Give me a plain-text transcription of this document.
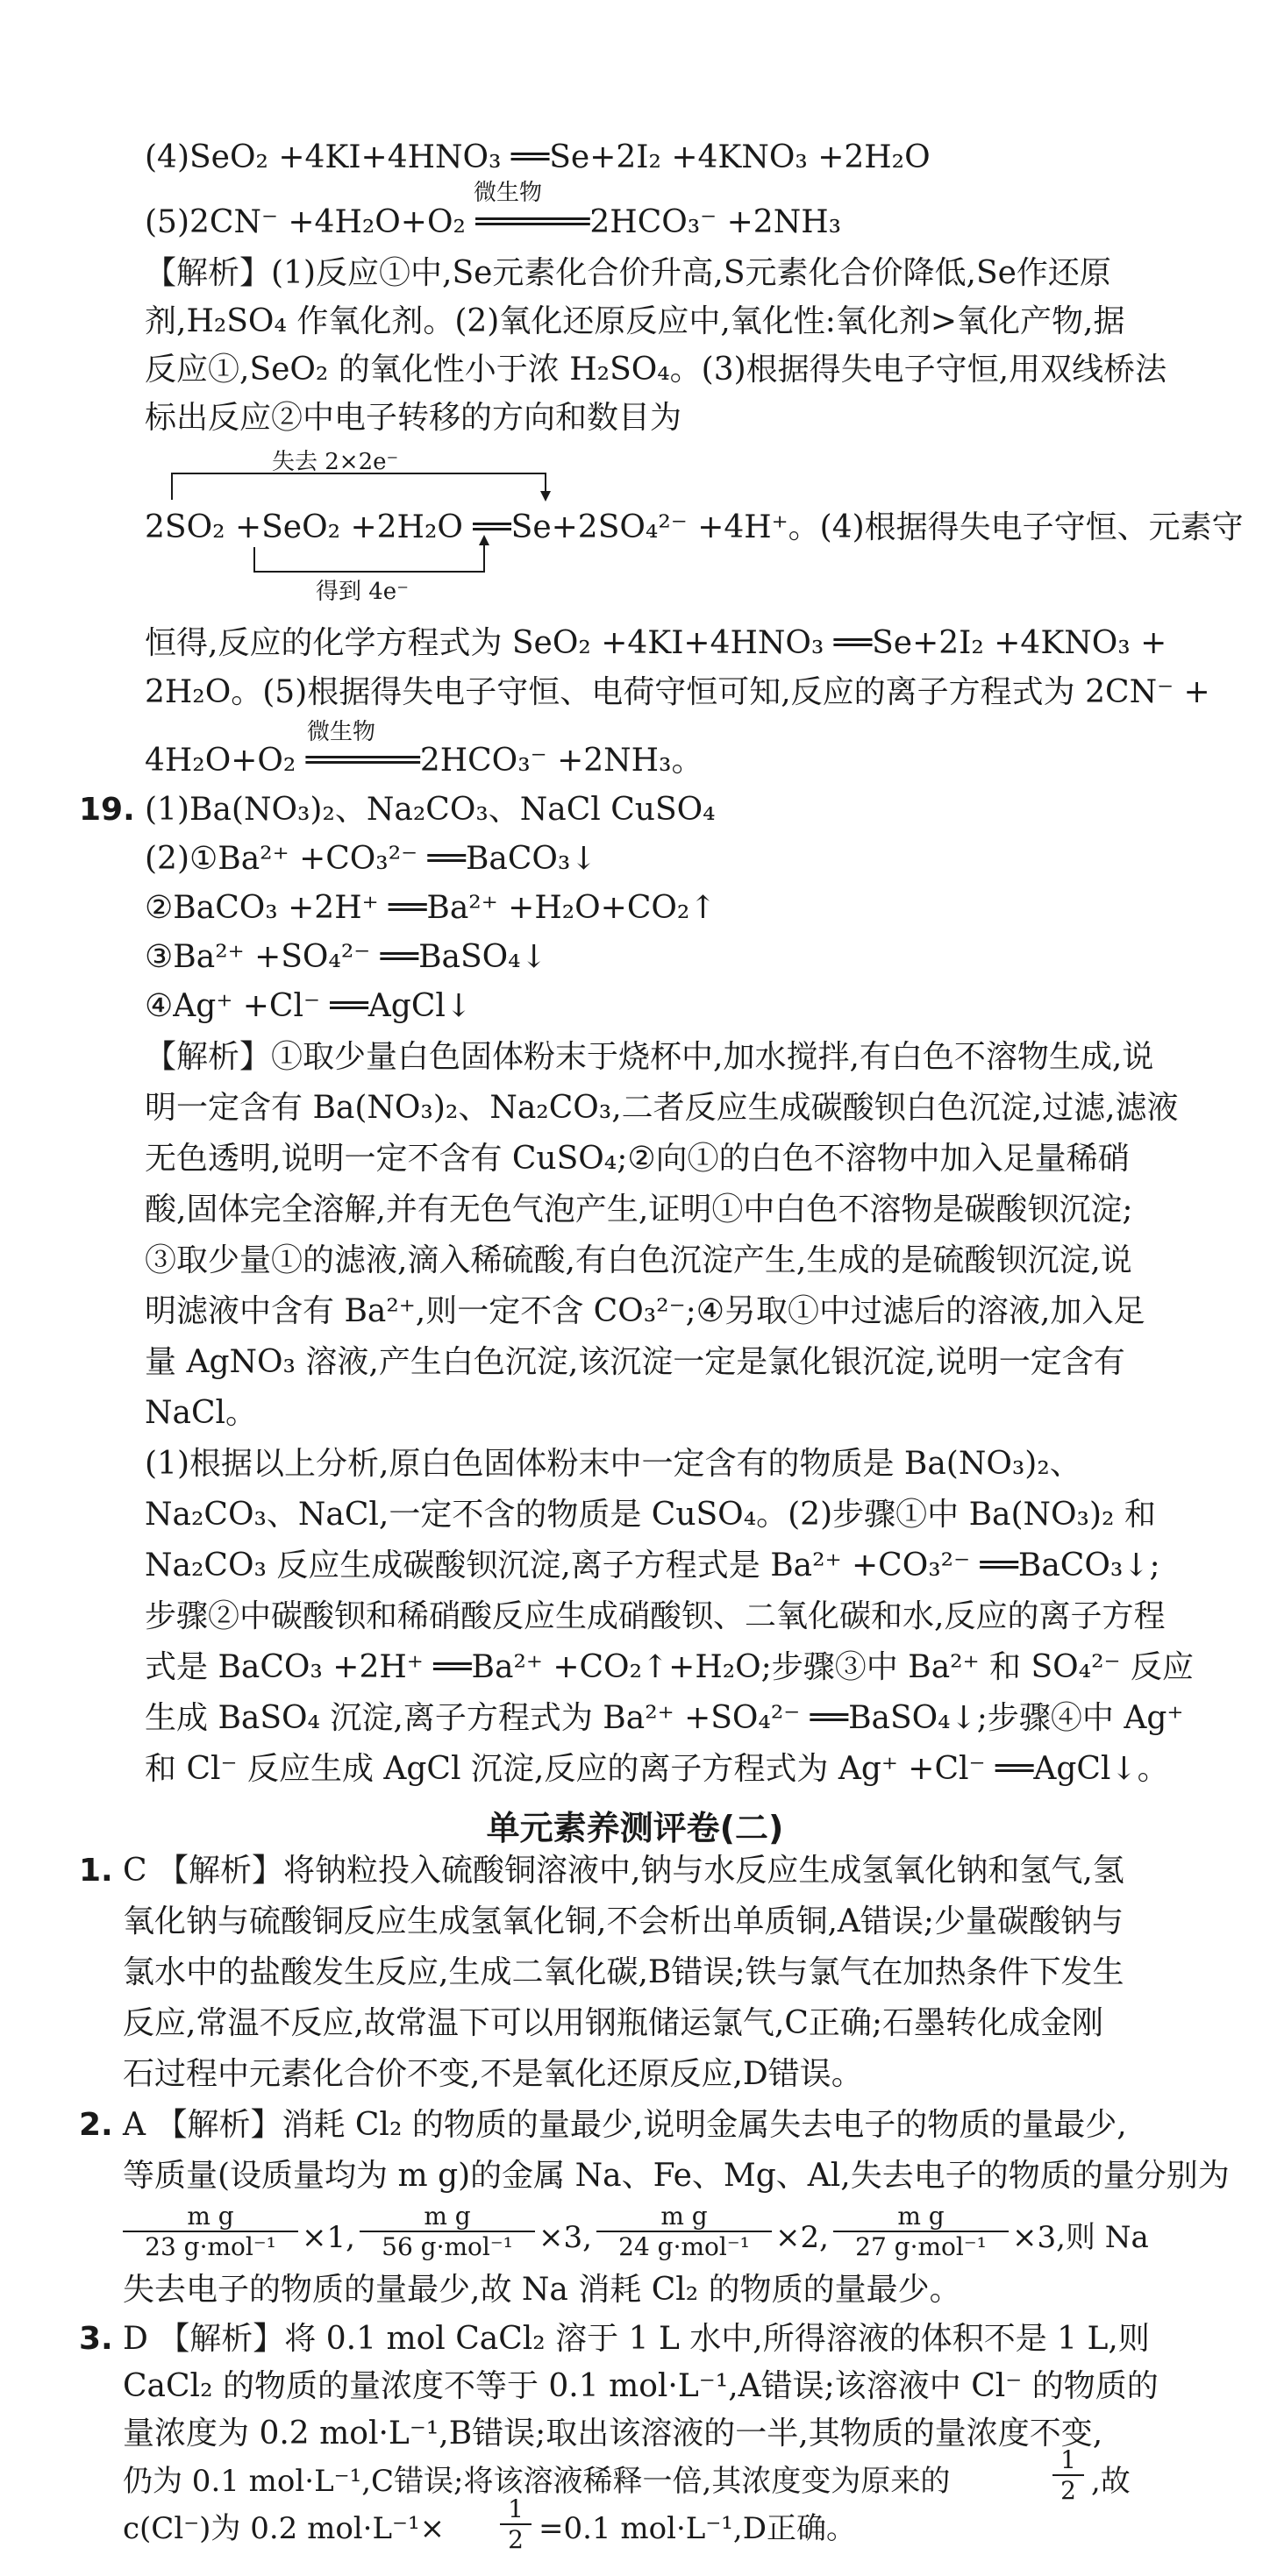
(4)SeO₂ +4KI+4HNO₃ ══Se+2I₂ +4KNO₃ +2H₂O
微生物
(5)2CN⁻ +4H₂O+O₂ ══════2HCO₃⁻ +2NH₃
【解析】(1)反应①中,Se元素化合价升高,S元素化合价降低,Se作还原
剂,H₂SO₄ 作氧化剂。(2)氧化还原反应中,氧化性:氧化剂>氧化产物,据
反应①,SeO₂ 的氧化性小于浓 H₂SO₄。(3)根据得失电子守恒,用双线桥法
标出反应②中电子转移的方向和数目为
失去 2×2e⁻
2SO₂ +SeO₂ +2H₂O ══Se+2SO₄²⁻ +4H⁺。(4)根据得失电子守恒、元素守
得到 4e⁻
恒得,反应的化学方程式为 SeO₂ +4KI+4HNO₃ ══Se+2I₂ +4KNO₃ +
2H₂O。(5)根据得失电子守恒、电荷守恒可知,反应的离子方程式为 2CN⁻ +
微生物
4H₂O+O₂ ══════2HCO₃⁻ +2NH₃。
19. (1)Ba(NO₃)₂、Na₂CO₃、NaCl CuSO₄
(2)①Ba²⁺ +CO₃²⁻ ══BaCO₃↓
②BaCO₃ +2H⁺ ══Ba²⁺ +H₂O+CO₂↑
③Ba²⁺ +SO₄²⁻ ══BaSO₄↓
④Ag⁺ +Cl⁻ ══AgCl↓
【解析】①取少量白色固体粉末于烧杯中,加水搅拌,有白色不溶物生成,说
明一定含有 Ba(NO₃)₂、Na₂CO₃,二者反应生成碳酸钡白色沉淀,过滤,滤液
无色透明,说明一定不含有 CuSO₄;②向①的白色不溶物中加入足量稀硝
酸,固体完全溶解,并有无色气泡产生,证明①中白色不溶物是碳酸钡沉淀;
③取少量①的滤液,滴入稀硫酸,有白色沉淀产生,生成的是硫酸钡沉淀,说
明滤液中含有 Ba²⁺,则一定不含 CO₃²⁻;④另取①中过滤后的溶液,加入足
量 AgNO₃ 溶液,产生白色沉淀,该沉淀一定是氯化银沉淀,说明一定含有
NaCl。
(1)根据以上分析,原白色固体粉末中一定含有的物质是 Ba(NO₃)₂、
Na₂CO₃、NaCl,一定不含的物质是 CuSO₄。(2)步骤①中 Ba(NO₃)₂ 和
Na₂CO₃ 反应生成碳酸钡沉淀,离子方程式是 Ba²⁺ +CO₃²⁻ ══BaCO₃↓;
步骤②中碳酸钡和稀硝酸反应生成硝酸钡、二氧化碳和水,反应的离子方程
式是 BaCO₃ +2H⁺ ══Ba²⁺ +CO₂↑+H₂O;步骤③中 Ba²⁺ 和 SO₄²⁻ 反应
生成 BaSO₄ 沉淀,离子方程式为 Ba²⁺ +SO₄²⁻ ══BaSO₄↓;步骤④中 Ag⁺
和 Cl⁻ 反应生成 AgCl 沉淀,反应的离子方程式为 Ag⁺ +Cl⁻ ══AgCl↓。
单元素养测评卷(二)
1. C 【解析】将钠粒投入硫酸铜溶液中,钠与水反应生成氢氧化钠和氢气,氢
氧化钠与硫酸铜反应生成氢氧化铜,不会析出单质铜,A错误;少量碳酸钠与
氯水中的盐酸发生反应,生成二氧化碳,B错误;铁与氯气在加热条件下发生
反应,常温不反应,故常温下可以用钢瓶储运氯气,C正确;石墨转化成金刚
石过程中元素化合价不变,不是氧化还原反应,D错误。
2. A 【解析】消耗 Cl₂ 的物质的量最少,说明金属失去电子的物质的量最少,
等质量(设质量均为 m g)的金属 Na、Fe、Mg、Al,失去电子的物质的量分别为
m g
23 g·mol⁻¹ ×1,
m g
56 g·mol⁻¹ ×3,
m g
24 g·mol⁻¹ ×2,
m g
27 g·mol⁻¹ ×3,则 Na
失去电子的物质的量最少,故 Na 消耗 Cl₂ 的物质的量最少。
3. D 【解析】将 0.1 mol CaCl₂ 溶于 1 L 水中,所得溶液的体积不是 1 L,则
CaCl₂ 的物质的量浓度不等于 0.1 mol·L⁻¹,A错误;该溶液中 Cl⁻ 的物质的
量浓度为 0.2 mol·L⁻¹,B错误;取出该溶液的一半,其物质的量浓度不变,
仍为 0.1 mol·L⁻¹,C错误;将该溶液稀释一倍,其浓度变为原来的
1
2 ,故
c(Cl⁻)为 0.2 mol·L⁻¹×
1
2 =0.1 mol·L⁻¹,D正确。
